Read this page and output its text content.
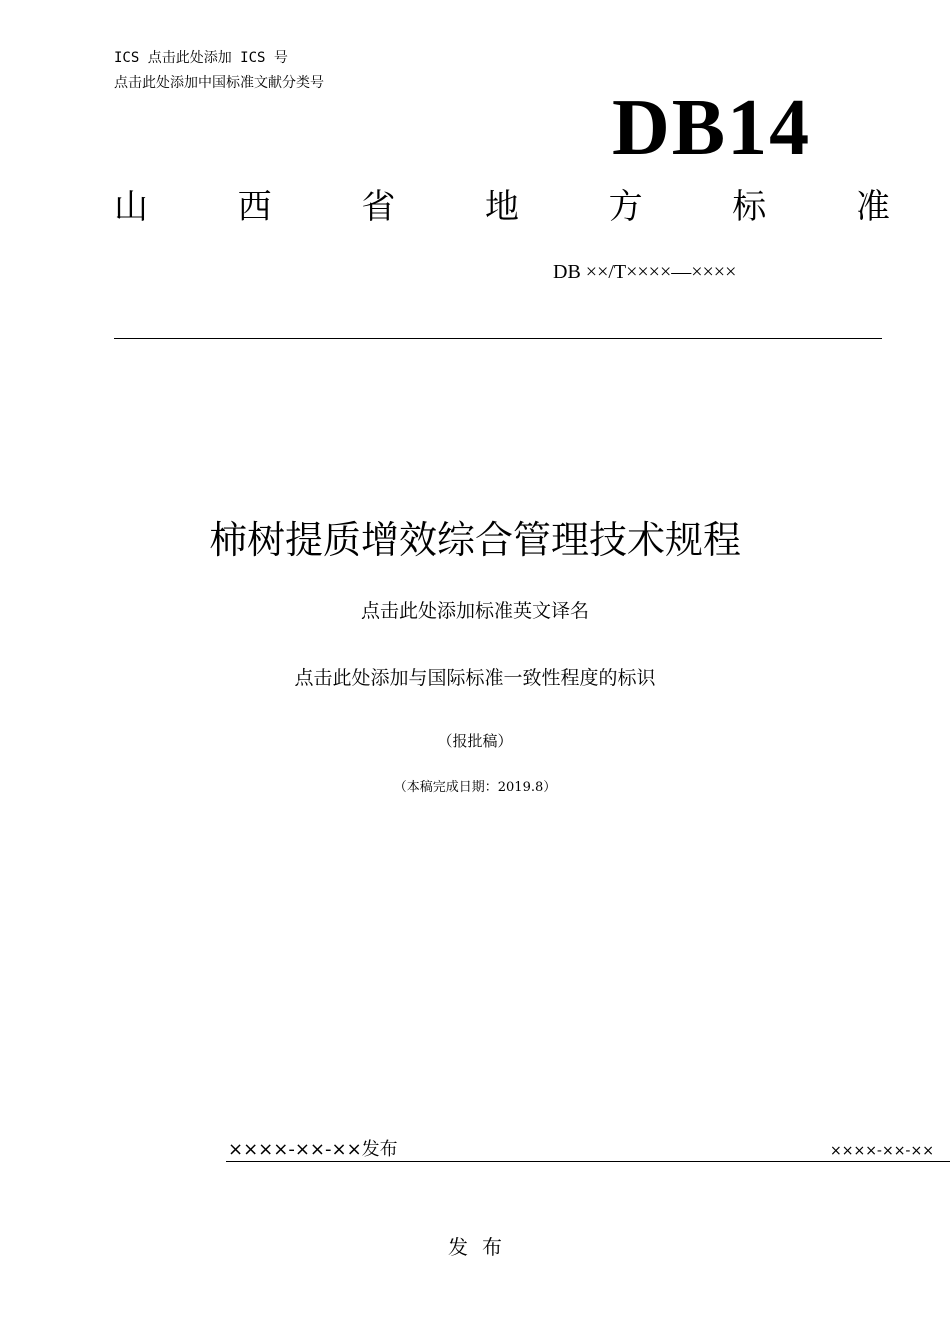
ICS 点击此处添加 ICS 号
点击此处添加中国标准文献分类号
DB14
山	西	省	地	方	标	准
DB ××/T××××—××××
柿树提质增效综合管理技术规程
点击此处添加标准英文译名
点击此处添加与国际标准一致性程度的标识
（报批稿）
（本稿完成日期：2019.8）
××××-××-××发布	××××-××-××
发布
